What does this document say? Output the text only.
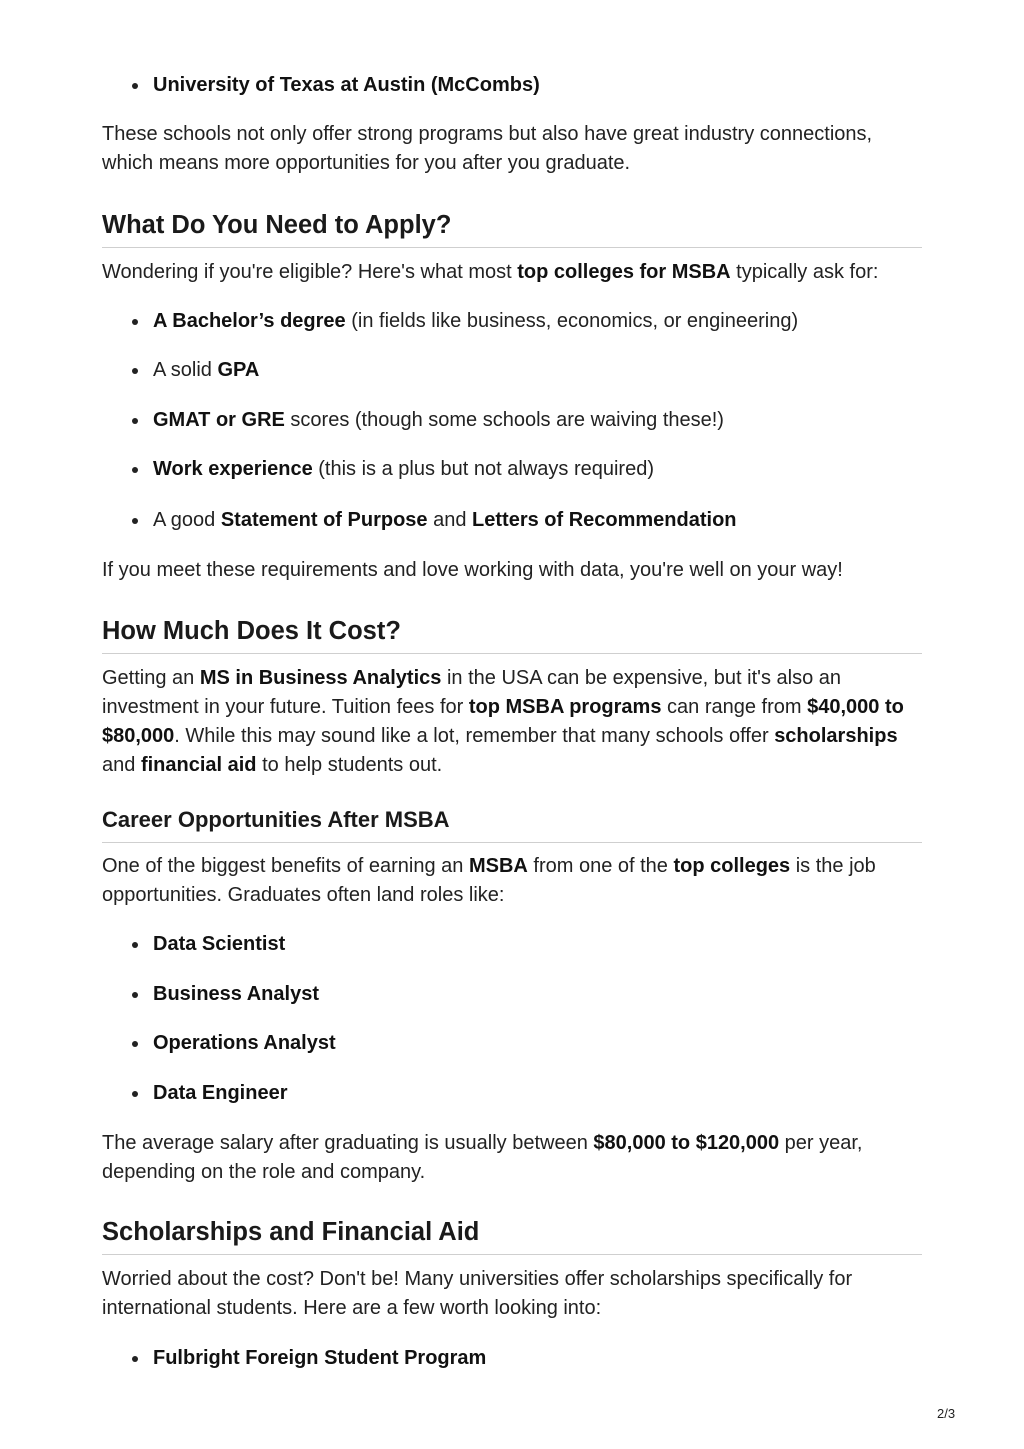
University of Texas at Austin (McCombs)

These schools not only offer strong programs but also have great industry connections, which means more opportunities for you after you graduate.

What Do You Need to Apply?

Wondering if you're eligible? Here's what most top colleges for MSBA typically ask for:

A Bachelor’s degree (in fields like business, economics, or engineering)
A solid GPA
GMAT or GRE scores (though some schools are waiving these!)
Work experience (this is a plus but not always required)
A good Statement of Purpose and Letters of Recommendation

If you meet these requirements and love working with data, you're well on your way!

How Much Does It Cost?

Getting an MS in Business Analytics in the USA can be expensive, but it's also an investment in your future. Tuition fees for top MSBA programs can range from $40,000 to $80,000. While this may sound like a lot, remember that many schools offer scholarships and financial aid to help students out.

Career Opportunities After MSBA

One of the biggest benefits of earning an MSBA from one of the top colleges is the job opportunities. Graduates often land roles like:

Data Scientist
Business Analyst
Operations Analyst
Data Engineer

The average salary after graduating is usually between $80,000 to $120,000 per year, depending on the role and company.

Scholarships and Financial Aid

Worried about the cost? Don't be! Many universities offer scholarships specifically for international students. Here are a few worth looking into:

Fulbright Foreign Student Program
2/3
